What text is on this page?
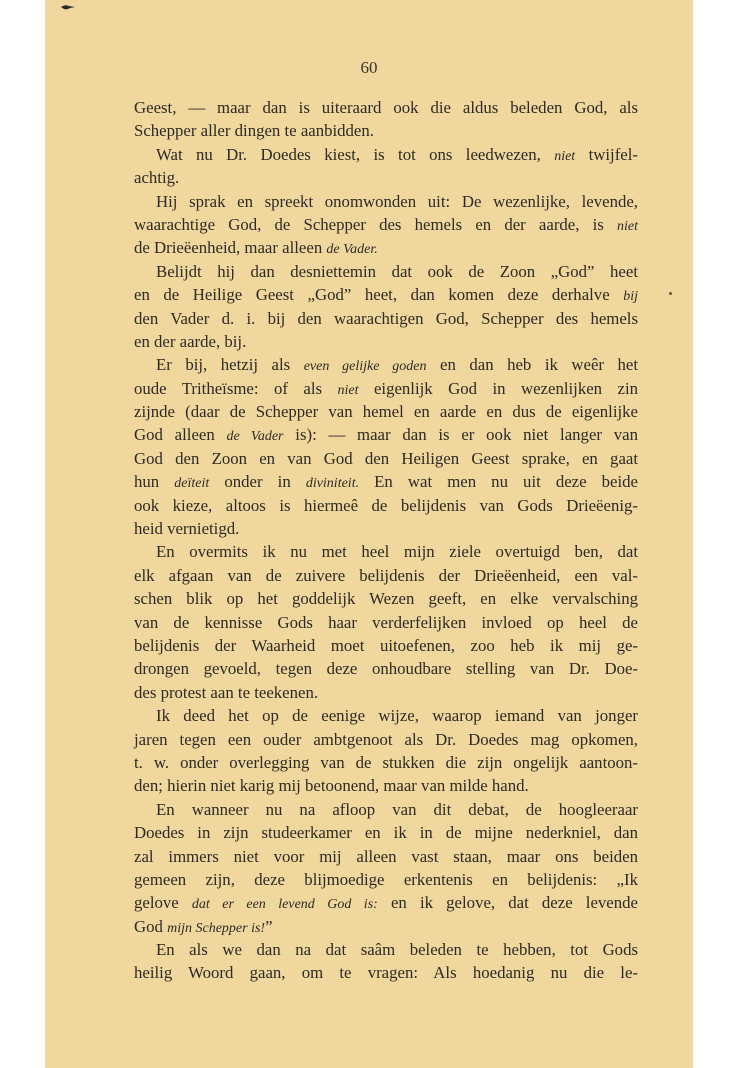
60
Geest, — maar dan is uiteraard ook die aldus beleden God, als
Schepper aller dingen te aanbidden.
Wat nu Dr. Doedes kiest, is tot ons leedwezen, niet twijfel-
achtig.
Hij sprak en spreekt onomwonden uit: De wezenlijke, levende,
waarachtige God, de Schepper des hemels en der aarde, is niet
de Drieëenheid, maar alleen de Vader.
Belijdt hij dan desniettemin dat ook de Zoon „God” heet
en de Heilige Geest „God” heet, dan komen deze derhalve bij
den Vader d. i. bij den waarachtigen God, Schepper des hemels
en der aarde, bij.
Er bij, hetzij als even gelijke goden en dan heb ik weêr het
oude Tritheïsme: of als niet eigenlijk God in wezenlijken zin
zijnde (daar de Schepper van hemel en aarde en dus de eigenlijke
God alleen de Vader is): — maar dan is er ook niet langer van
God den Zoon en van God den Heiligen Geest sprake, en gaat
hun deïteit onder in diviniteit. En wat men nu uit deze beide
ook kieze, altoos is hiermeê de belijdenis van Gods Drieëenig-
heid vernietigd.
En overmits ik nu met heel mijn ziele overtuigd ben, dat
elk afgaan van de zuivere belijdenis der Drieëenheid, een val-
schen blik op het goddelijk Wezen geeft, en elke vervalsching
van de kennisse Gods haar verderfelijken invloed op heel de
belijdenis der Waarheid moet uitoefenen, zoo heb ik mij ge-
drongen gevoeld, tegen deze onhoudbare stelling van Dr. Doe-
des protest aan te teekenen.
Ik deed het op de eenige wijze, waarop iemand van jonger
jaren tegen een ouder ambtgenoot als Dr. Doedes mag opkomen,
t. w. onder overlegging van de stukken die zijn ongelijk aantoon-
den; hierin niet karig mij betoonend, maar van milde hand.
En wanneer nu na afloop van dit debat, de hoogleeraar
Doedes in zijn studeerkamer en ik in de mijne nederkniel, dan
zal immers niet voor mij alleen vast staan, maar ons beiden
gemeen zijn, deze blijmoedige erkentenis en belijdenis: „Ik
gelove dat er een levend God is: en ik gelove, dat deze levende
God mijn Schepper is!”
En als we dan na dat saâm beleden te hebben, tot Gods
heilig Woord gaan, om te vragen: Als hoedanig nu die le-
